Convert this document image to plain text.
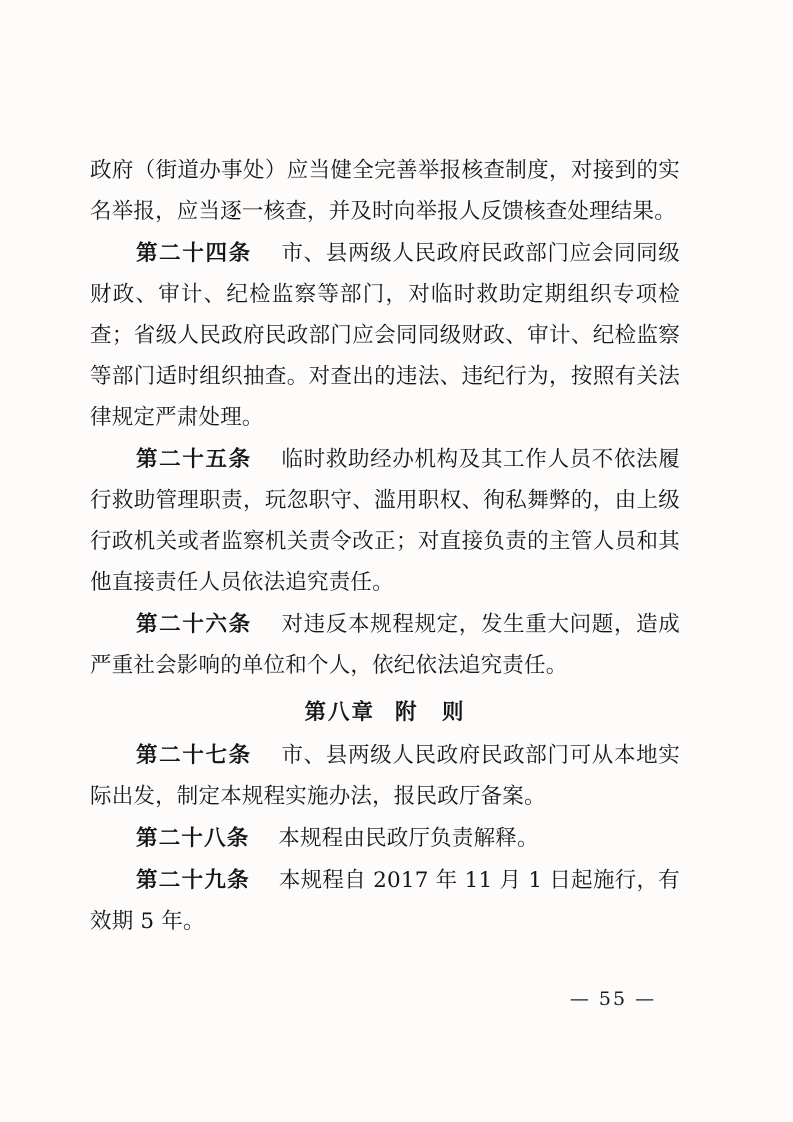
政府（街道办事处）应当健全完善举报核查制度，对接到的实名举报，应当逐一核查，并及时向举报人反馈核查处理结果。

第二十四条 　 市、县两级人民政府民政部门应会同同级财政、审计、纪检监察等部门，对临时救助定期组织专项检查；省级人民政府民政部门应会同同级财政、审计、纪检监察等部门适时组织抽查。对查出的违法、违纪行为，按照有关法律规定严肃处理。

第二十五条 　 临时救助经办机构及其工作人员不依法履行救助管理职责，玩忽职守、滥用职权、徇私舞弊的，由上级行政机关或者监察机关责令改正；对直接负责的主管人员和其他直接责任人员依法追究责任。

第二十六条 　 对违反本规程规定，发生重大问题，造成严重社会影响的单位和个人，依纪依法追究责任。

第八章 附　则

第二十七条 　 市、县两级人民政府民政部门可从本地实际出发，制定本规程实施办法，报民政厅备案。

第二十八条 　 本规程由民政厅负责解释。

第二十九条 　 本规程自 2017 年 11 月 1 日起施行，有效期 5 年。

— 55 —
